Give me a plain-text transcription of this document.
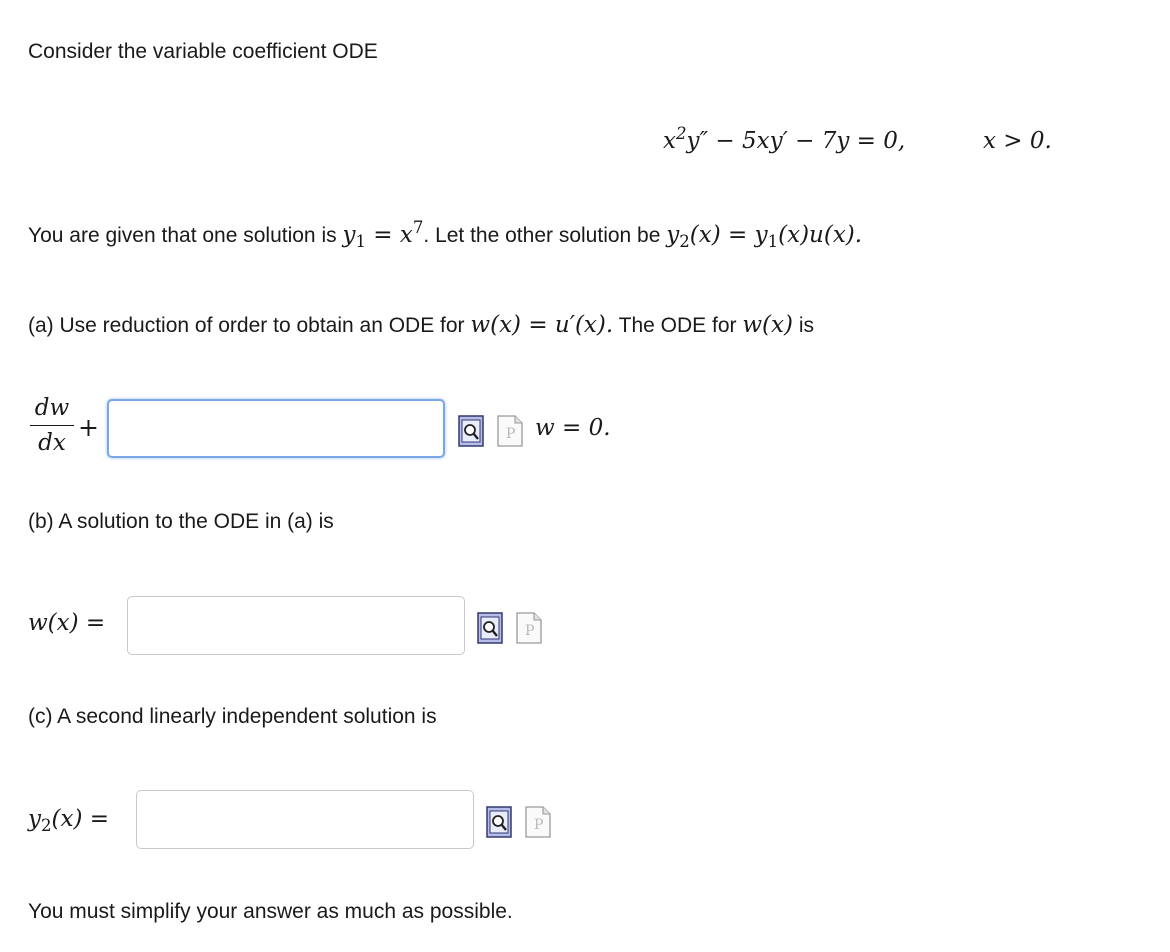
Consider the variable coefficient ODE
$x^2y'' - 5xy' - 7y = 0$,	x > 0.
You are given that one solution is $y_1 = x^7$. Let the other solution be $y_2(x) = y_1(x)u(x)$.
(a) Use reduction of order to obtain an ODE for w(x) = u′(x). The ODE for w(x) is
dw
dx
+	P w = 0.
(b) A solution to the ODE in (a) is
w(x) =	P
(c) A second linearly independent solution is
$y_2(x)$ =	P
You must simplify your answer as much as possible.
